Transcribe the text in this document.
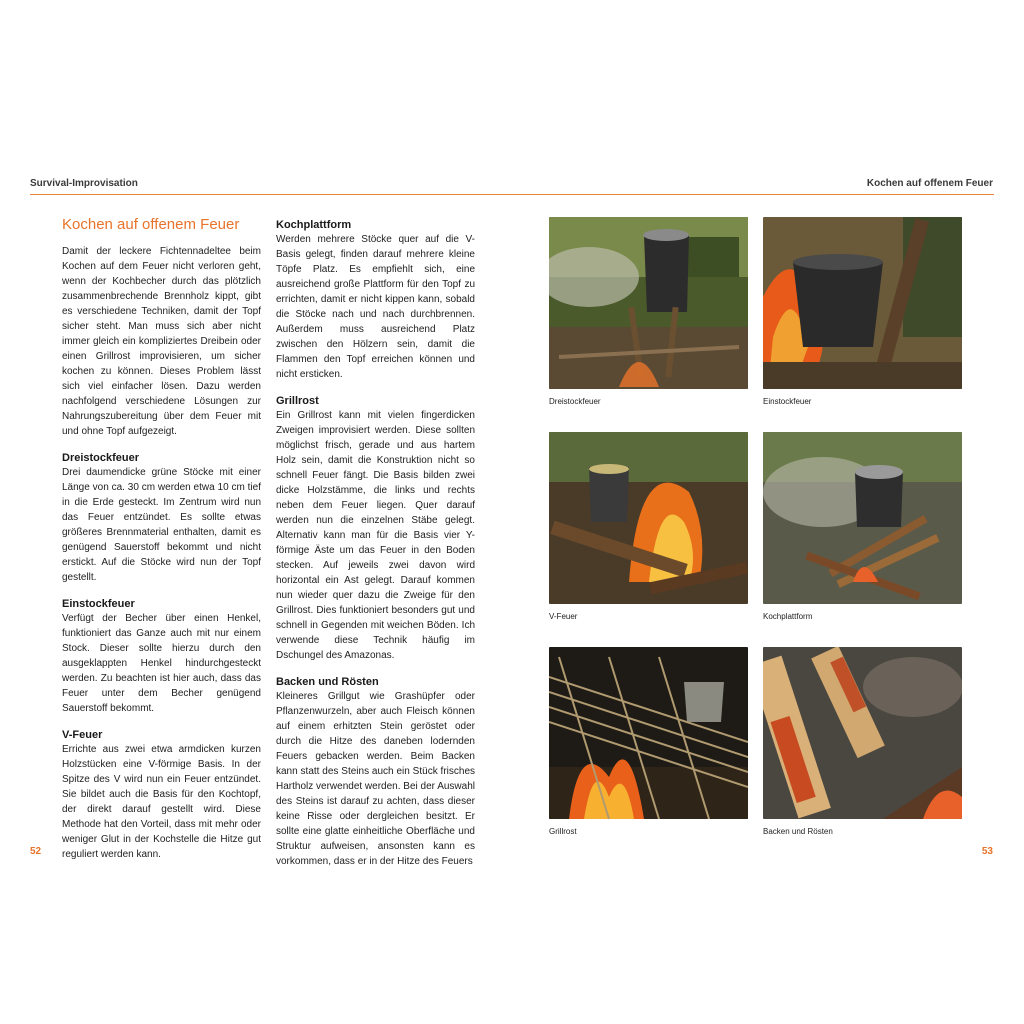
Survival-Improvisation	Kochen auf offenem Feuer
Kochen auf offenem Feuer

Damit der leckere Fichtennadeltee beim Kochen auf dem Feuer nicht verloren geht, wenn der Kochbecher durch das plötzlich zusammenbrechende Brennholz kippt, gibt es verschiedene Techniken, damit der Topf sicher steht. Man muss sich aber nicht immer gleich ein kompliziertes Dreibein oder einen Grillrost improvisieren, um sicher kochen zu können. Dieses Problem lässt sich viel einfacher lösen. Dazu werden nachfolgend verschiedene Lösungen zur Nahrungszubereitung über dem Feuer mit und ohne Topf aufgezeigt.

Dreistockfeuer

Drei daumendicke grüne Stöcke mit einer Länge von ca. 30 cm werden etwa 10 cm tief in die Erde gesteckt. Im Zentrum wird nun das Feuer entzündet. Es sollte etwas größeres Brennmaterial enthalten, damit es genügend Sauerstoff bekommt und nicht erstickt. Auf die Stöcke wird nun der Topf gestellt.

Einstockfeuer

Verfügt der Becher über einen Henkel, funktioniert das Ganze auch mit nur einem Stock. Dieser sollte hierzu durch den ausgeklappten Henkel hindurchgesteckt werden. Zu beachten ist hier auch, dass das Feuer unter dem Becher genügend Sauerstoff bekommt.

V-Feuer

Errichte aus zwei etwa armdicken kurzen Holzstücken eine V-förmige Basis. In der Spitze des V wird nun ein Feuer entzündet. Sie bildet auch die Basis für den Kochtopf, der direkt darauf gestellt wird. Diese Methode hat den Vorteil, dass mit mehr oder weniger Glut in der Kochstelle die Hitze gut reguliert werden kann.

Kochplattform

Werden mehrere Stöcke quer auf die V-Basis gelegt, finden darauf mehrere kleine Töpfe Platz. Es empfiehlt sich, eine ausreichend große Plattform für den Topf zu errichten, damit er nicht kippen kann, sobald die Stöcke nach und nach durchbrennen. Außerdem muss ausreichend Platz zwischen den Hölzern sein, damit die Flammen den Topf erreichen können und nicht ersticken.

Grillrost

Ein Grillrost kann mit vielen fingerdicken Zweigen improvisiert werden. Diese sollten möglichst frisch, gerade und aus hartem Holz sein, damit die Konstruktion nicht so schnell Feuer fängt. Die Basis bilden zwei dicke Holzstämme, die links und rechts neben dem Feuer liegen. Quer darauf werden nun die einzelnen Stäbe gelegt. Alternativ kann man für die Basis vier Y-förmige Äste um das Feuer in den Boden stecken. Auf jeweils zwei davon wird horizontal ein Ast gelegt. Darauf kommen nun wieder quer dazu die Zweige für den Grillrost. Dies funktioniert besonders gut und schnell in Gegenden mit weichen Böden. Ich verwende diese Technik häufig im Dschungel des Amazonas.

Backen und Rösten

Kleineres Grillgut wie Grashüpfer oder Pflanzenwurzeln, aber auch Fleisch können auf einem erhitzten Stein geröstet oder durch die Hitze des daneben lodernden Feuers gebacken werden. Beim Backen kann statt des Steins auch ein Stück frisches Hartholz verwendet werden. Bei der Auswahl des Steins ist darauf zu achten, dass dieser keine Risse oder dergleichen besitzt. Er sollte eine glatte einheitliche Oberfläche und Struktur aufweisen, ansonsten kann es vorkommen, dass er in der Hitze des Feuers

Dreistockfeuer	Einstockfeuer
V-Feuer	Kochplattform
Grillrost	Backen und Rösten
52	53
